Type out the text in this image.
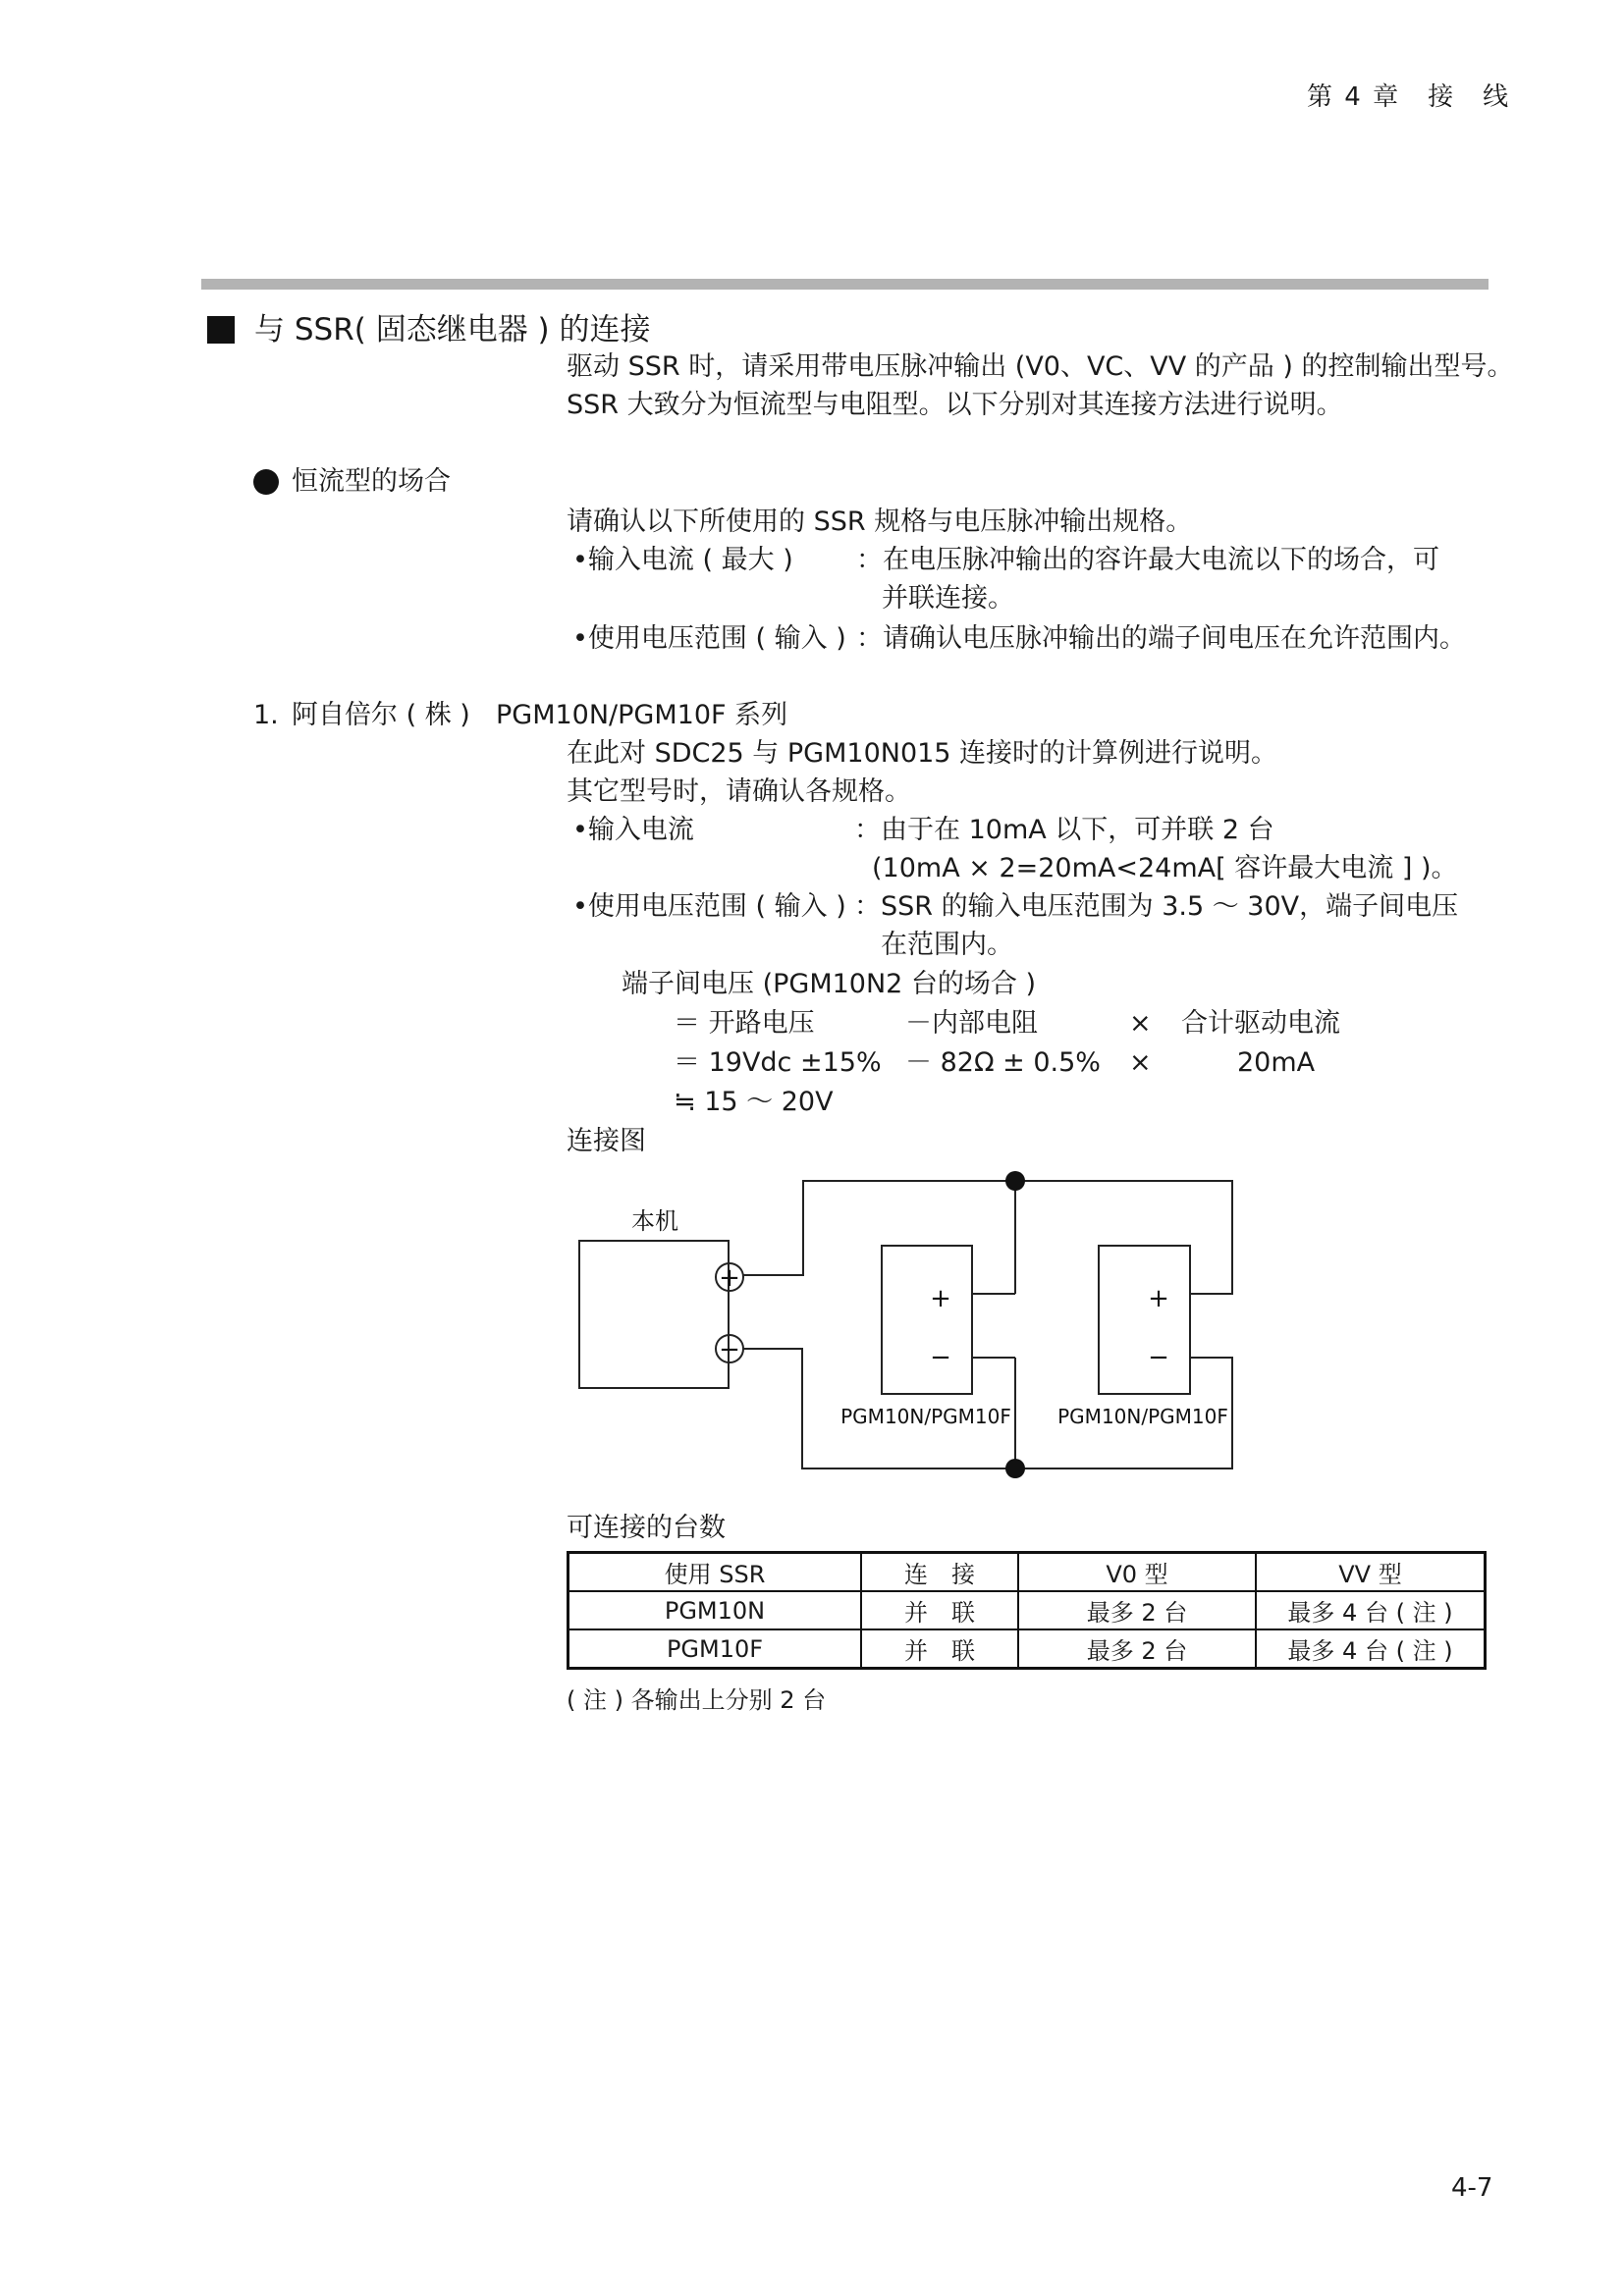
第 4 章　接　线
与 SSR( 固态继电器 ) 的连接
驱动 SSR 时，请采用带电压脉冲输出 (V0、VC、VV 的产品 ) 的控制输出型号。
SSR 大致分为恒流型与电阻型。以下分别对其连接方法进行说明。
恒流型的场合
请确认以下所使用的 SSR 规格与电压脉冲输出规格。
•输入电流 ( 最大 ) ：在电压脉冲输出的容许最大电流以下的场合，可
并联连接。
•使用电压范围 ( 输入 ) ：请确认电压脉冲输出的端子间电压在允许范围内。
1. 阿自倍尔 ( 株 ) PGM10N/PGM10F 系列
在此对 SDC25 与 PGM10N015 连接时的计算例进行说明。
其它型号时，请确认各规格。
•输入电流	：由于在 10mA 以下，可并联 2 台
(10mA × 2=20mA<24mA[ 容许最大电流 ] )。
•使用电压范围 ( 输入 ) ：SSR 的输入电压范围为 3.5 ～ 30V，端子间电压
在范围内。
端子间电压 (PGM10N2 台的场合 )
＝ 开路电压	－内部电阻	× 合计驱动电流
＝ 19Vdc ±15% － 82Ω ± 0.5% ×	20mA
≒ 15 ～ 20V
连接图
本机
+
−
+
−
+
−
PGM10N/PGM10F PGM10N/PGM10F
可连接的台数
使用 SSR	连　接	V0 型	VV 型
PGM10N	并　联	最多 2 台	最多 4 台 ( 注 )
PGM10F	并　联	最多 2 台	最多 4 台 ( 注 )
( 注 ) 各输出上分别 2 台
4-7
